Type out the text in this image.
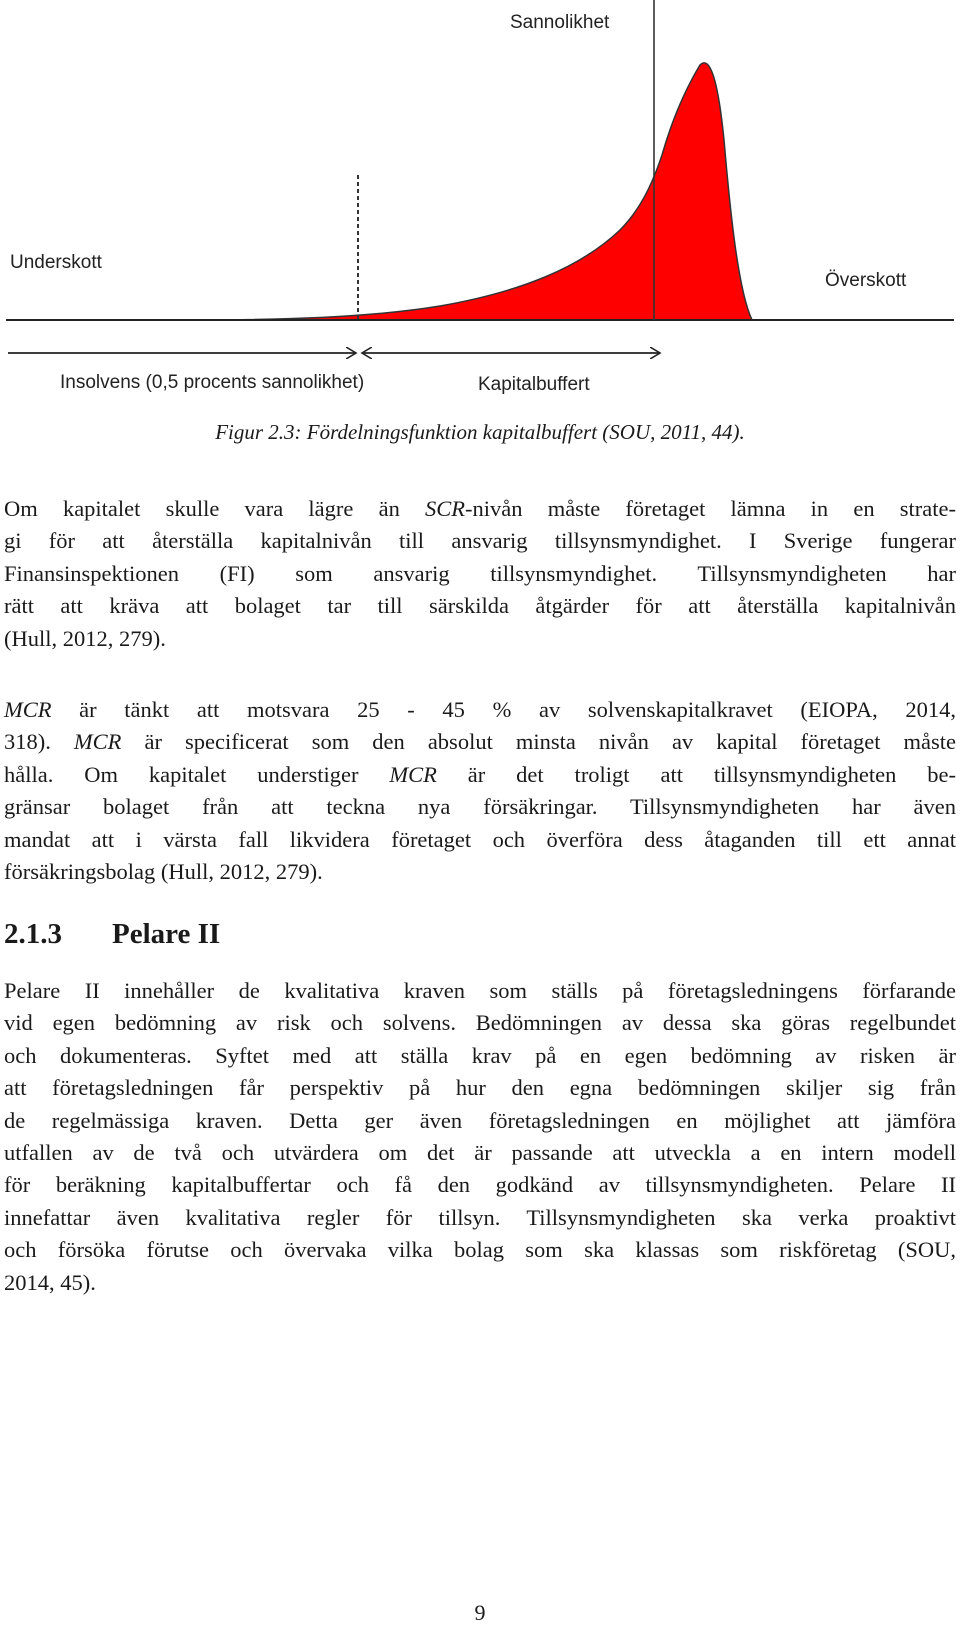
Sannolikhet
Underskott
Överskott
Insolvens (0,5 procents sannolikhet)	Kapitalbuffert

Figur 2.3: Fördelningsfunktion kapitalbuffert (SOU, 2011, 44).

Om kapitalet skulle vara lägre än SCR-nivån måste företaget lämna in en strate-
gi för att återställa kapitalnivån till ansvarig tillsynsmyndighet. I Sverige fungerar
Finansinspektionen (FI) som ansvarig tillsynsmyndighet. Tillsynsmyndigheten har
rätt att kräva att bolaget tar till särskilda åtgärder för att återställa kapitalnivån
(Hull, 2012, 279).

MCR är tänkt att motsvara 25 - 45 % av solvenskapitalkravet (EIOPA, 2014,
318). MCR är specificerat som den absolut minsta nivån av kapital företaget måste
hålla. Om kapitalet understiger MCR är det troligt att tillsynsmyndigheten be-
gränsar bolaget från att teckna nya försäkringar. Tillsynsmyndigheten har även
mandat att i värsta fall likvidera företaget och överföra dess åtaganden till ett annat
försäkringsbolag (Hull, 2012, 279).

2.1.3 Pelare II

Pelare II innehåller de kvalitativa kraven som ställs på företagsledningens förfarande
vid egen bedömning av risk och solvens. Bedömningen av dessa ska göras regelbundet
och dokumenteras. Syftet med att ställa krav på en egen bedömning av risken är
att företagsledningen får perspektiv på hur den egna bedömningen skiljer sig från
de regelmässiga kraven. Detta ger även företagsledningen en möjlighet att jämföra
utfallen av de två och utvärdera om det är passande att utveckla a en intern modell
för beräkning kapitalbuffertar och få den godkänd av tillsynsmyndigheten. Pelare II
innefattar även kvalitativa regler för tillsyn. Tillsynsmyndigheten ska verka proaktivt
och försöka förutse och övervaka vilka bolag som ska klassas som riskföretag (SOU,
2014, 45).

9
